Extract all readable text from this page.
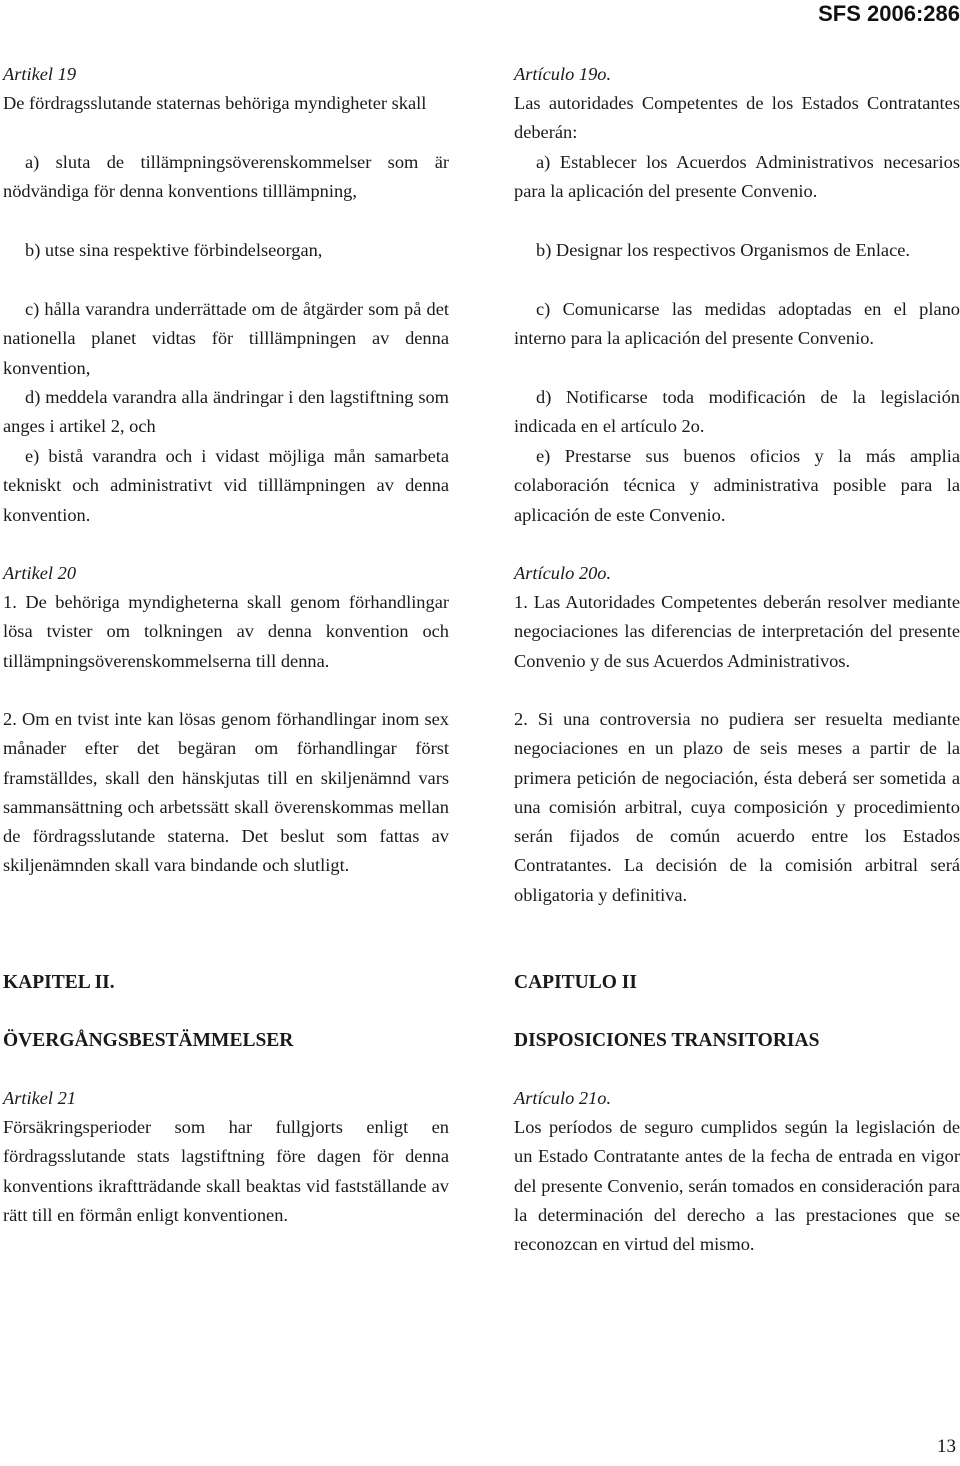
SFS 2006:286

Artikel 19

De fördragsslutande staternas behöriga myndigheter skall

a) sluta de tillämpningsöverenskommelser som är nödvändiga för denna konventions tilllämpning,

b) utse sina respektive förbindelseorgan,

c) hålla varandra underrättade om de åtgärder som på det nationella planet vidtas för tilllämpningen av denna konvention,

d) meddela varandra alla ändringar i den lagstiftning som anges i artikel 2, och

e) bistå varandra och i vidast möjliga mån samarbeta tekniskt och administrativt vid tilllämpningen av denna konvention.

Artikel 20

1. De behöriga myndigheterna skall genom förhandlingar lösa tvister om tolkningen av denna konvention och tillämpningsöverenskommelserna till denna.

2. Om en tvist inte kan lösas genom förhandlingar inom sex månader efter det begäran om förhandlingar först framställdes, skall den hänskjutas till en skiljenämnd vars sammansättning och arbetssätt skall överenskommas mellan de fördragsslutande staterna. Det beslut som fattas av skiljenämnden skall vara bindande och slutligt.

KAPITEL II.

ÖVERGÅNGSBESTÄMMELSER

Artikel 21

Försäkringsperioder som har fullgjorts enligt en fördragsslutande stats lagstiftning före dagen för denna konventions ikraftträdande skall beaktas vid fastställande av rätt till en förmån enligt konventionen.

Artículo 19o.

Las autoridades Competentes de los Estados Contratantes deberán:

a) Establecer los Acuerdos Administrativos necesarios para la aplicación del presente Convenio.

b) Designar los respectivos Organismos de Enlace.

c) Comunicarse las medidas adoptadas en el plano interno para la aplicación del presente Convenio.

d) Notificarse toda modificación de la legislación indicada en el artículo 2o.

e) Prestarse sus buenos oficios y la más amplia colaboración técnica y administrativa posible para la aplicación de este Convenio.

Artículo 20o.

1. Las Autoridades Competentes deberán resolver mediante negociaciones las diferencias de interpretación del presente Convenio y de sus Acuerdos Administrativos.

2. Si una controversia no pudiera ser resuelta mediante negociaciones en un plazo de seis meses a partir de la primera petición de negociación, ésta deberá ser sometida a una comisión arbitral, cuya composición y procedimiento serán fijados de común acuerdo entre los Estados Contratantes. La decisión de la comisión arbitral será obligatoria y definitiva.

CAPITULO II

DISPOSICIONES TRANSITORIAS

Artículo 21o.

Los períodos de seguro cumplidos según la legislación de un Estado Contratante antes de la fecha de entrada en vigor del presente Convenio, serán tomados en consideración para la determinación del derecho a las prestaciones que se reconozcan en virtud del mismo.

13
